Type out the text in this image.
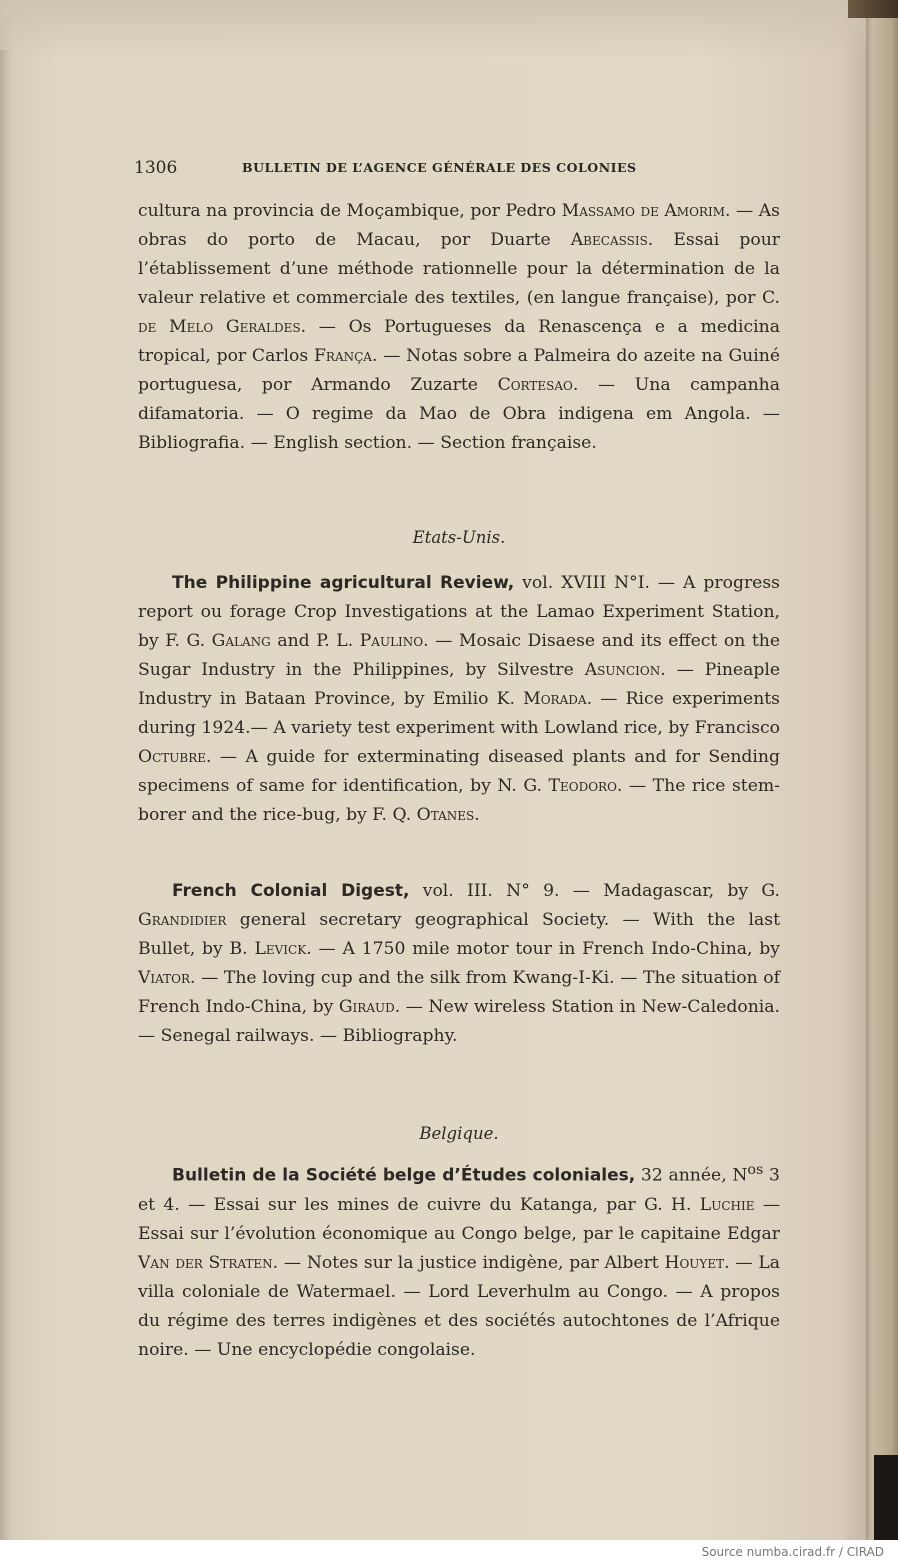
1306	BULLETIN DE L’AGENCE GÉNÉRALE DES COLONIES

cultura na provincia de Moçambique, por Pedro Massamo de Amorim. — As obras do porto de Macau, por Duarte Abecassis. Essai pour l’établissement d’une méthode rationnelle pour la détermination de la valeur relative et commerciale des textiles, (en langue française), por C. de Melo Geraldes. — Os Portugueses da Renascença e a medicina tropical, por Carlos França. — Notas sobre a Palmeira do azeite na Guiné portuguesa, por Armando Zuzarte Cortesao. — Una campanha difamatoria. — O regime da Mao de Obra indigena em Angola. — Bibliografia. — English section. — Section française.

Etats-Unis.

The Philippine agricultural Review, vol. XVIII N°I. — A progress report ou forage Crop Investigations at the Lamao Experiment Station, by F. G. Galang and P. L. Paulino. — Mosaic Disaese and its effect on the Sugar Industry in the Philippines, by Silvestre Asuncion. — Pineaple Industry in Bataan Province, by Emilio K. Morada. — Rice experiments during 1924.— A variety test experiment with Lowland rice, by Francisco Octubre. — A guide for exterminating diseased plants and for Sending specimens of same for identification, by N. G. Teodoro. — The rice stem-borer and the rice-bug, by F. Q. Otanes.

French Colonial Digest, vol. III. N° 9. — Madagascar, by G. Grandidier general secretary geographical Society. — With the last Bullet, by B. Levick. — A 1750 mile motor tour in French Indo-China, by Viator. — The loving cup and the silk from Kwang-I-Ki. — The situation of French Indo-China, by Giraud. — New wireless Station in New-Caledonia. — Senegal railways. — Bibliography.

Belgique.

Bulletin de la Société belge d’Études coloniales, 32 année, $N^{os}$ 3 et 4. — Essai sur les mines de cuivre du Katanga, par G. H. Luchie — Essai sur l’évolution économique au Congo belge, par le capitaine Edgar Van der Straten. — Notes sur la justice indigène, par Albert Houyet. — La villa coloniale de Watermael. — Lord Leverhulm au Congo. — A propos du régime des terres indigènes et des sociétés autochtones de l’Afrique noire. — Une encyclopédie congolaise.

Source numba.cirad.fr / CIRAD
